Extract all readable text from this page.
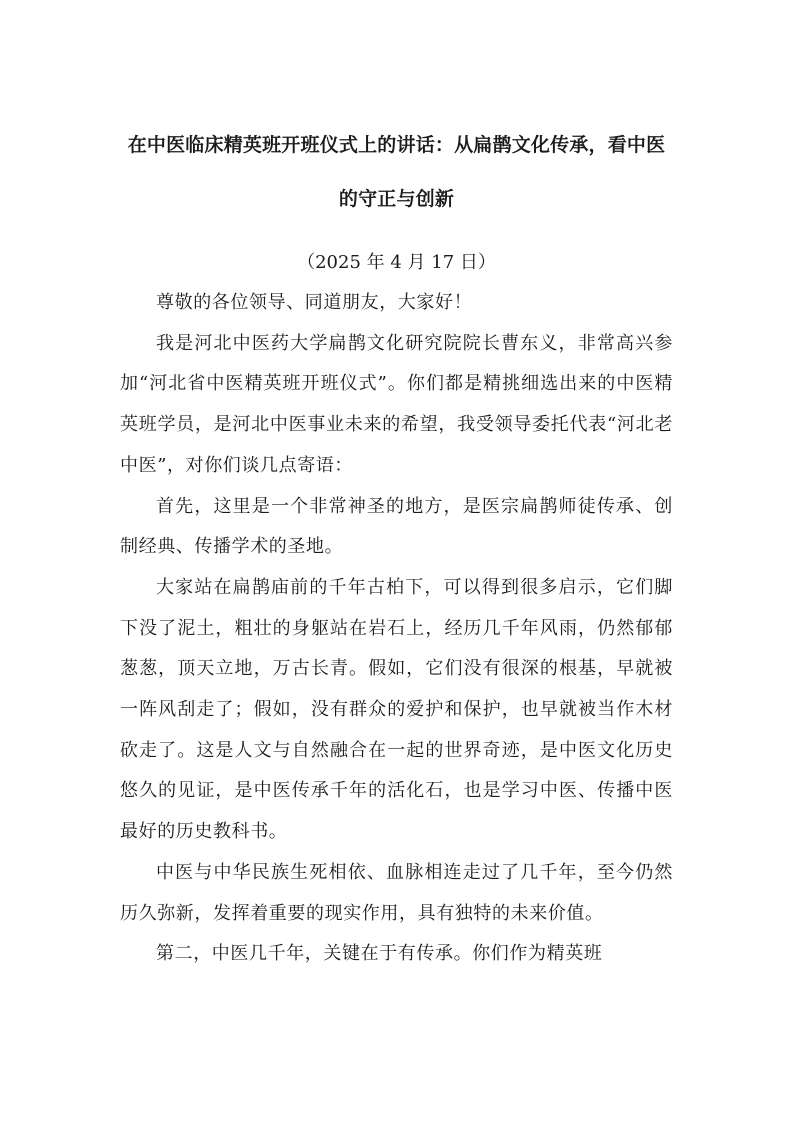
在中医临床精英班开班仪式上的讲话：从扁鹊文化传承，看中医的守正与创新

（2025 年 4 月 17 日）

尊敬的各位领导、同道朋友，大家好！

我是河北中医药大学扁鹊文化研究院院长曹东义，非常高兴参加“河北省中医精英班开班仪式”。你们都是精挑细选出来的中医精英班学员，是河北中医事业未来的希望，我受领导委托代表“河北老中医”，对你们谈几点寄语：

首先，这里是一个非常神圣的地方，是医宗扁鹊师徒传承、创制经典、传播学术的圣地。

大家站在扁鹊庙前的千年古柏下，可以得到很多启示，它们脚下没了泥土，粗壮的身躯站在岩石上，经历几千年风雨，仍然郁郁葱葱，顶天立地，万古长青。假如，它们没有很深的根基，早就被一阵风刮走了；假如，没有群众的爱护和保护，也早就被当作木材砍走了。这是人文与自然融合在一起的世界奇迹，是中医文化历史悠久的见证，是中医传承千年的活化石，也是学习中医、传播中医最好的历史教科书。

中医与中华民族生死相依、血脉相连走过了几千年，至今仍然历久弥新，发挥着重要的现实作用，具有独特的未来价值。

第二，中医几千年，关键在于有传承。你们作为精英班
